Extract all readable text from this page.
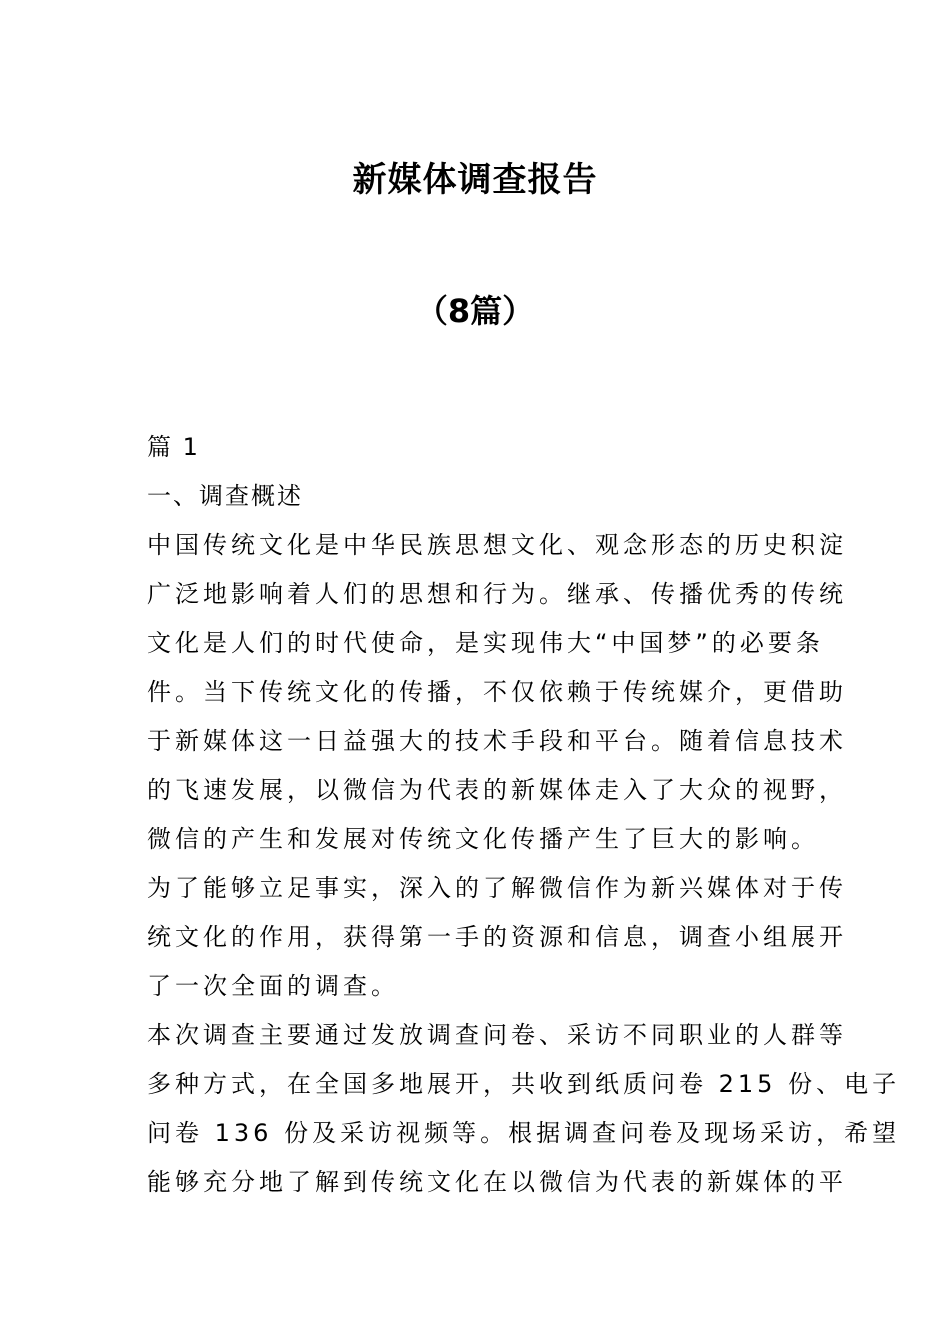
新媒体调查报告
（8篇）
篇 1
一、调查概述
中国传统文化是中华民族思想文化、观念形态的历史积淀
广泛地影响着人们的思想和行为。继承、传播优秀的传统
文化是人们的时代使命，是实现伟大“中国梦”的必要条
件。当下传统文化的传播，不仅依赖于传统媒介，更借助
于新媒体这一日益强大的技术手段和平台。随着信息技术
的飞速发展，以微信为代表的新媒体走入了大众的视野，
微信的产生和发展对传统文化传播产生了巨大的影响。
为了能够立足事实，深入的了解微信作为新兴媒体对于传
统文化的作用，获得第一手的资源和信息，调查小组展开
了一次全面的调查。
本次调查主要通过发放调查问卷、采访不同职业的人群等
多种方式，在全国多地展开，共收到纸质问卷 215 份、电子
问卷 136 份及采访视频等。根据调查问卷及现场采访，希望
能够充分地了解到传统文化在以微信为代表的新媒体的平
